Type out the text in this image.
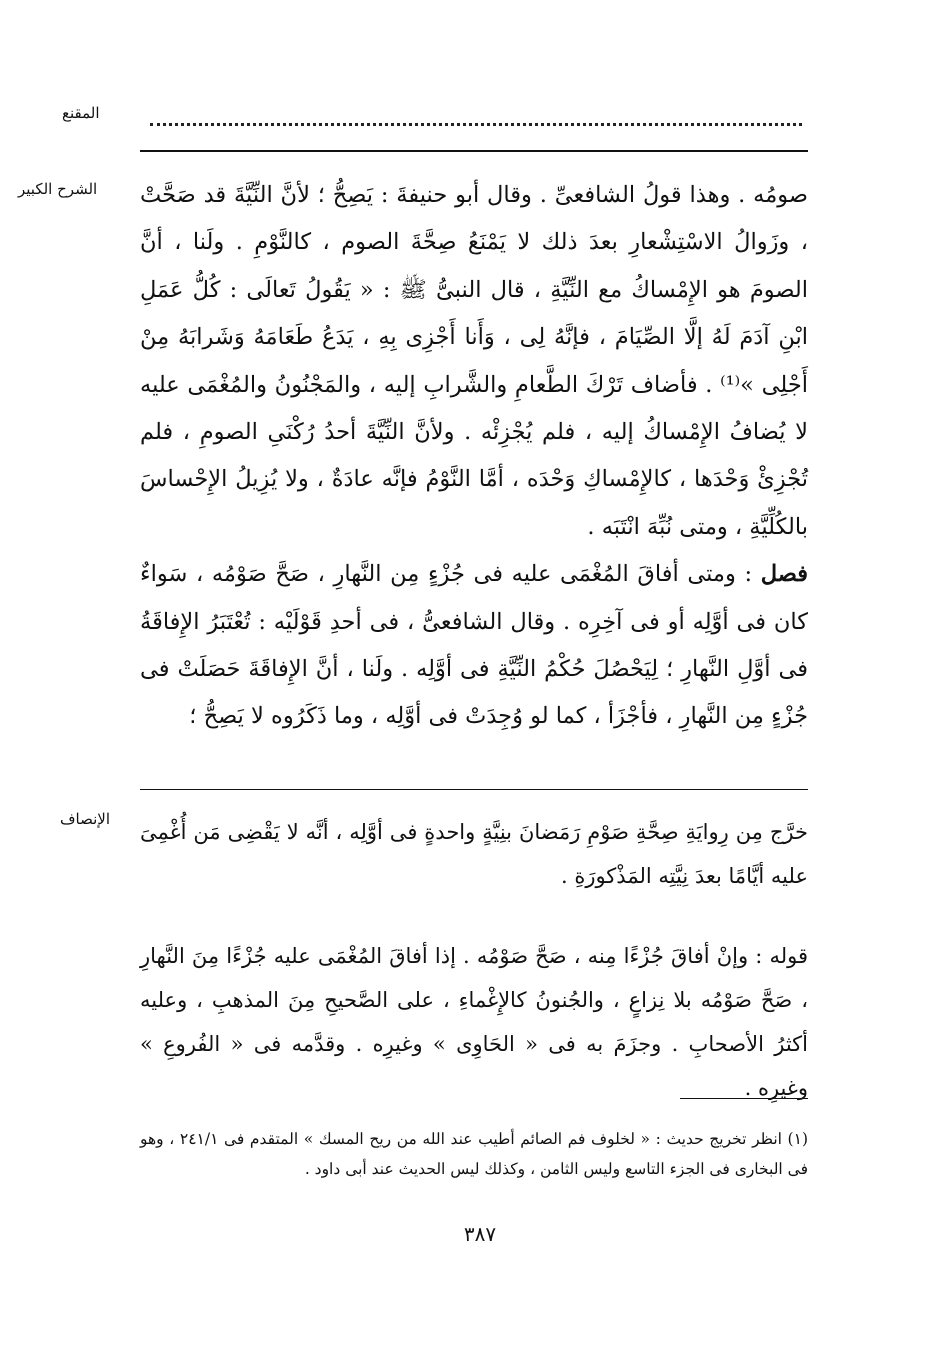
المقنع
الشرح الكبير	صومُه . وهذا قولُ الشافعىِّ . وقال أبو حنيفةَ : يَصِحُّ ؛ لأنَّ النِّيَّةَ قد صَحَّتْ ، وزَوالُ الاسْتِشْعارِ بعدَ ذلك لا يَمْنَعُ صِحَّةَ الصوم ، كالنَّوْمِ . ولَنا ، أنَّ الصومَ هو الإِمْساكُ مع النِّيَّةِ ، قال النبىُّ ﷺ : « يَقُولُ تَعالَى : كُلُّ عَمَلِ ابْنِ آدَمَ لَهُ إلَّا الصِّيَامَ ، فإنَّهُ لِى ، وَأَنا أَجْزِى بِهِ ، يَدَعُ طَعَامَهُ وَشَرابَهُ مِنْ أَجْلِى »⁽¹⁾ . فأضاف تَرْكَ الطَّعامِ والشَّرابِ إليه ، والمَجْنُونُ والمُغْمَى عليه لا يُضافُ الإِمْساكُ إليه ، فلم يُجْزِئْه . ولأنَّ النِّيَّةَ أحدُ رُكْنَىِ الصومِ ، فلم تُجْزِئْ وَحْدَها ، كالإِمْساكِ وَحْدَه ، أمَّا النَّوْمُ فإنَّه عادَةٌ ، ولا يُزِيلُ الإِحْساسَ بالكُلِّيَّةِ ، ومتى نُبِّهَ انْتَبَه .

فصل : ومتى أفاقَ المُغْمَى عليه فى جُزْءٍ مِن النَّهارِ ، صَحَّ صَوْمُه ، سَواءٌ كان فى أوَّلِه أو فى آخِرِه . وقال الشافعىُّ ، فى أحدِ قَوْلَيْه : تُعْتَبَرُ الإِفاقَةُ فى أوَّلِ النَّهارِ ؛ لِيَحْصُلَ حُكْمُ النِّيَّةِ فى أوَّلِه . ولَنا ، أنَّ الإِفاقَةَ حَصَلَتْ فى جُزْءٍ مِن النَّهارِ ، فأجْزَأ ، كما لو وُجِدَتْ فى أوَّلِه ، وما ذَكَرُوه لا يَصِحُّ ؛

الإنصاف

خرَّج مِن رِوايَةِ صِحَّةِ صَوْمِ رَمَضانَ بنِيَّةٍ واحدةٍ فى أوَّلِه ، أنَّه لا يَقْضِى مَن أُغْمِىَ عليه أيَّامًا بعدَ نِيَّتِه المَذْكورَةِ .

قوله : وإنْ أفاقَ جُزْءًا مِنه ، صَحَّ صَوْمُه . إذا أفاقَ المُغْمَى عليه جُزْءًا مِنَ النَّهارِ ، صَحَّ صَوْمُه بلا نِزاعٍ ، والجُنونُ كالإِغْماءِ ، على الصَّحيحِ مِنَ المذهبِ ، وعليه أكثرُ الأصحابِ . وجزَمَ به فى « الحَاوِى » وغيرِه . وقدَّمه فى « الفُروعِ » وغيرِه .

(١) انظر تخريج حديث : « لخلوف فم الصائم أطيب عند الله من ريح المسك » المتقدم فى ٢٤١/١ ، وهو فى البخارى فى الجزء التاسع وليس الثامن ، وكذلك ليس الحديث عند أبى داود .

٣٨٧
